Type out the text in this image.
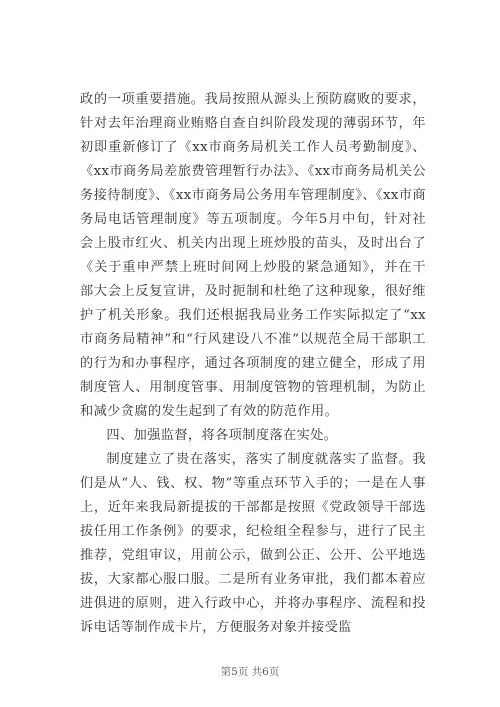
政的一项重要措施。我局按照从源头上预防腐败的要求，针对去年治理商业贿赂自查自纠阶段发现的薄弱环节，年初即重新修订了《xx市商务局机关工作人员考勤制度》、《xx市商务局差旅费管理暂行办法》、《xx市商务局机关公务接待制度》、《xx市商务局公务用车管理制度》、《xx市商务局电话管理制度》等五项制度。今年5月中旬，针对社会上股市红火、机关内出现上班炒股的苗头，及时出台了《关于重申严禁上班时间网上炒股的紧急通知》，并在干部大会上反复宣讲，及时扼制和杜绝了这种现象，很好维护了机关形象。我们还根据我局业务工作实际拟定了“xx市商务局精神”和“行风建设八不准”以规范全局干部职工的行为和办事程序，通过各项制度的建立健全，形成了用制度管人、用制度管事、用制度管物的管理机制，为防止和减少贪腐的发生起到了有效的防范作用。

四、加强监督，将各项制度落在实处。

制度建立了贵在落实，落实了制度就落实了监督。我们是从“人、钱、权、物”等重点环节入手的；一是在人事上，近年来我局新提拔的干部都是按照《党政领导干部选拔任用工作条例》的要求，纪检组全程参与，进行了民主推荐，党组审议，用前公示，做到公正、公开、公平地选拔，大家都心服口服。二是所有业务审批，我们都本着应进俱进的原则，进入行政中心，并将办事程序、流程和投诉电话等制作成卡片，方便服务对象并接受监

第5页 共6页
